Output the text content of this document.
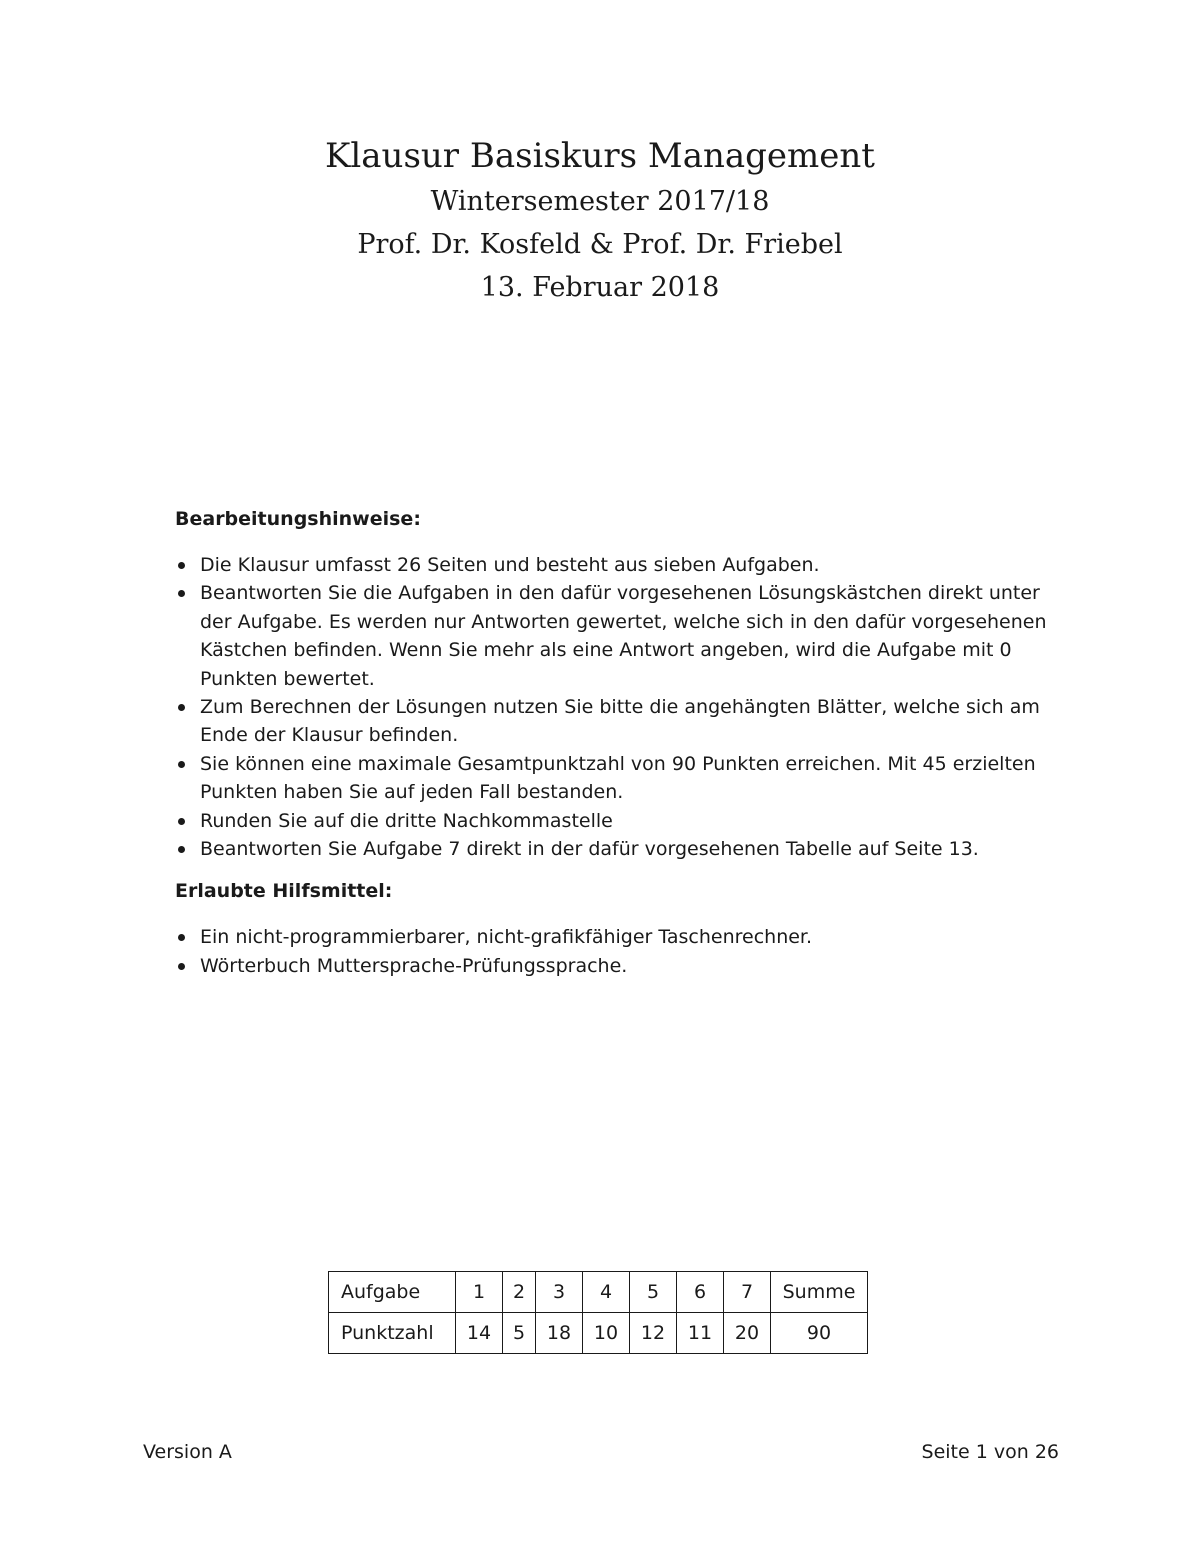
Klausur Basiskurs Management
Wintersemester 2017/18
Prof. Dr. Kosfeld & Prof. Dr. Friebel
13. Februar 2018

Bearbeitungshinweise:

Die Klausur umfasst 26 Seiten und besteht aus sieben Aufgaben.
Beantworten Sie die Aufgaben in den dafür vorgesehenen Lösungskästchen direkt unter der Aufgabe. Es werden nur Antworten gewertet, welche sich in den dafür vorgesehenen Kästchen befinden. Wenn Sie mehr als eine Antwort angeben, wird die Aufgabe mit 0 Punkten bewertet.
Zum Berechnen der Lösungen nutzen Sie bitte die angehängten Blätter, welche sich am Ende der Klausur befinden.
Sie können eine maximale Gesamtpunktzahl von 90 Punkten erreichen. Mit 45 erzielten Punkten haben Sie auf jeden Fall bestanden.
Runden Sie auf die dritte Nachkommastelle
Beantworten Sie Aufgabe 7 direkt in der dafür vorgesehenen Tabelle auf Seite 13.

Erlaubte Hilfsmittel:

Ein nicht-programmierbarer, nicht-grafikfähiger Taschenrechner.
Wörterbuch Muttersprache-Prüfungssprache.
Aufgabe	1	2	3	4	5	6	7	Summe
Punktzahl	14	5	18	10	12	11	20	90
Version A	Seite 1 von 26
